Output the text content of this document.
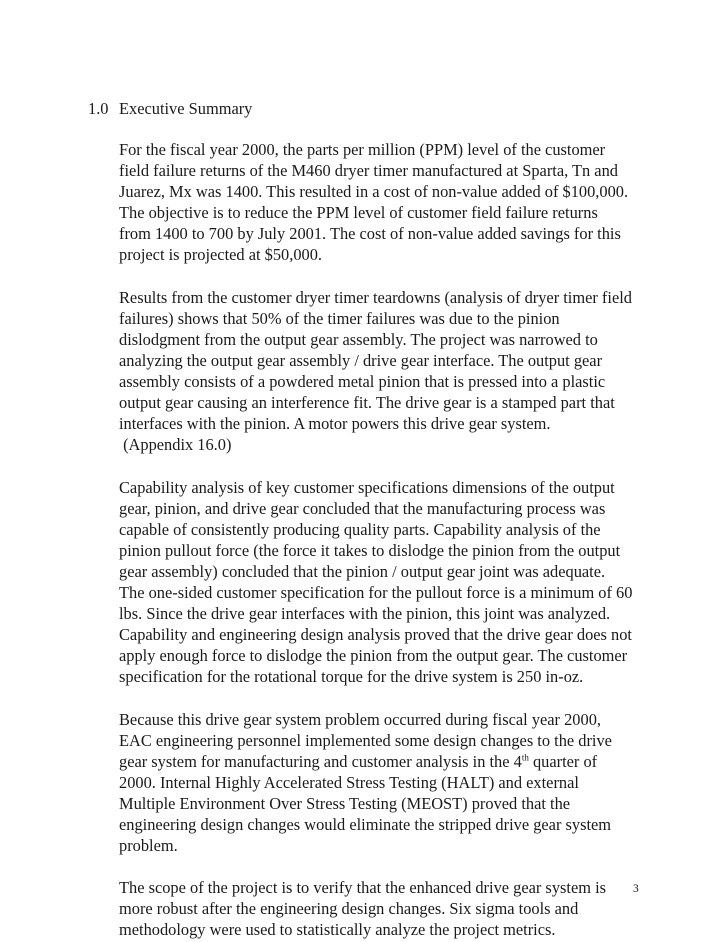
1.0 Executive Summary
For the fiscal year 2000, the parts per million (PPM) level of the customer
field failure returns of the M460 dryer timer manufactured at Sparta, Tn and
Juarez, Mx was 1400. This resulted in a cost of non-value added of $100,000.
The objective is to reduce the PPM level of customer field failure returns
from 1400 to 700 by July 2001. The cost of non-value added savings for this
project is projected at $50,000.
Results from the customer dryer timer teardowns (analysis of dryer timer field
failures) shows that 50% of the timer failures was due to the pinion
dislodgment from the output gear assembly. The project was narrowed to
analyzing the output gear assembly / drive gear interface. The output gear
assembly consists of a powdered metal pinion that is pressed into a plastic
output gear causing an interference fit. The drive gear is a stamped part that
interfaces with the pinion. A motor powers this drive gear system.
(Appendix 16.0)
Capability analysis of key customer specifications dimensions of the output
gear, pinion, and drive gear concluded that the manufacturing process was
capable of consistently producing quality parts. Capability analysis of the
pinion pullout force (the force it takes to dislodge the pinion from the output
gear assembly) concluded that the pinion / output gear joint was adequate.
The one-sided customer specification for the pullout force is a minimum of 60
lbs. Since the drive gear interfaces with the pinion, this joint was analyzed.
Capability and engineering design analysis proved that the drive gear does not
apply enough force to dislodge the pinion from the output gear. The customer
specification for the rotational torque for the drive system is 250 in-oz.
Because this drive gear system problem occurred during fiscal year 2000,
EAC engineering personnel implemented some design changes to the drive
gear system for manufacturing and customer analysis in the 4th quarter of
2000. Internal Highly Accelerated Stress Testing (HALT) and external
Multiple Environment Over Stress Testing (MEOST) proved that the
engineering design changes would eliminate the stripped drive gear system
problem.
The scope of the project is to verify that the enhanced drive gear system is
more robust after the engineering design changes. Six sigma tools and
methodology were used to statistically analyze the project metrics.
3
